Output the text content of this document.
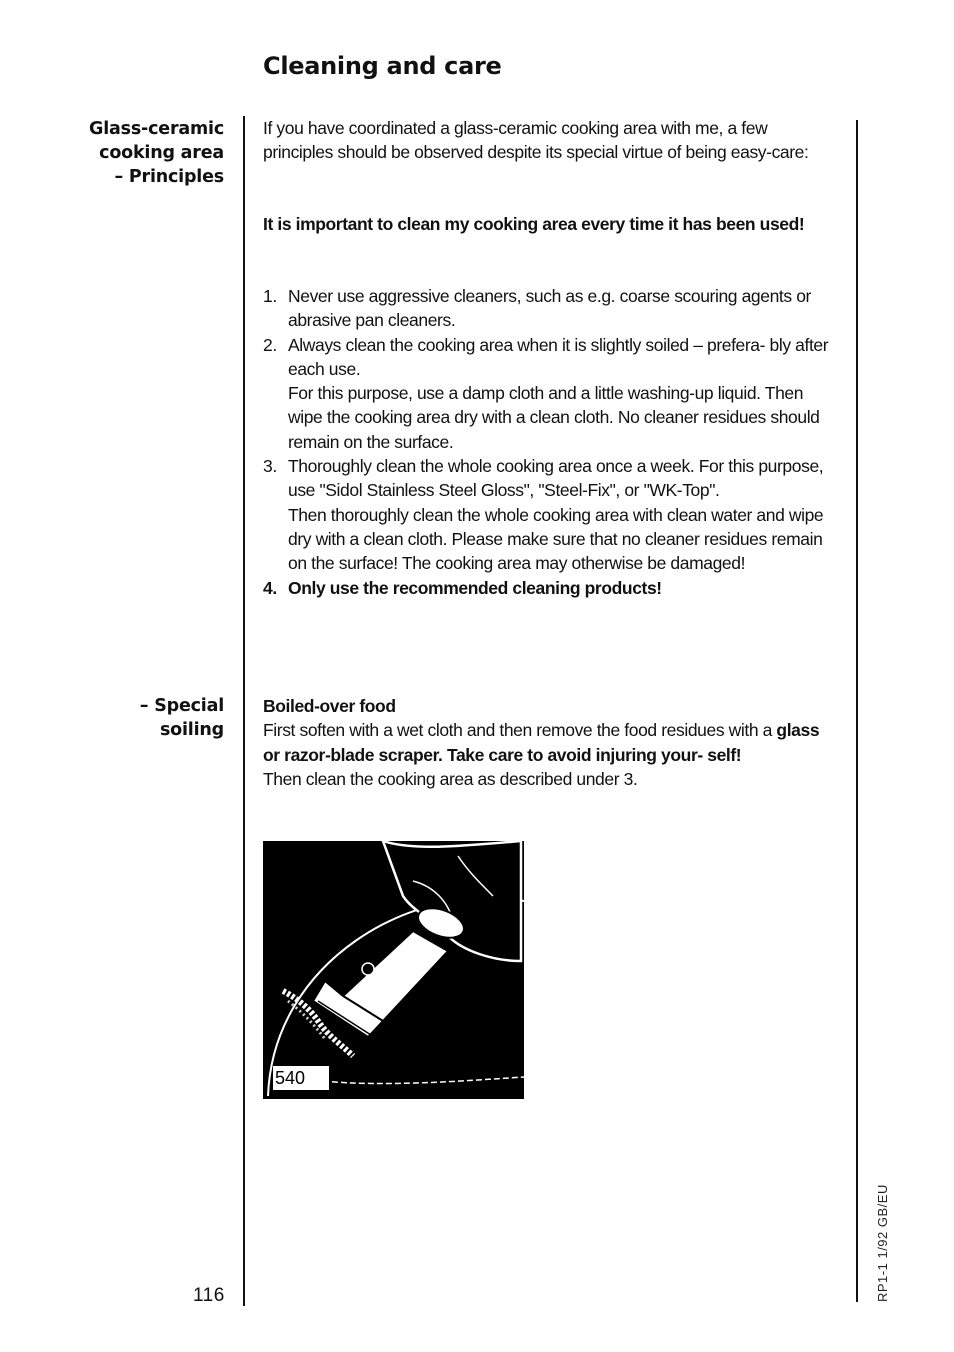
Cleaning and care
Glass-ceramic
cooking area
– Principles
– Special
soiling
If you have coordinated a glass-ceramic cooking area with me, a few principles should be observed despite its special virtue of being easy-care:
It is important to clean my cooking area every time it has been used!
1. Never use aggressive cleaners, such as e.g. coarse scouring agents or abrasive pan cleaners.
2. Always clean the cooking area when it is slightly soiled – prefera- bly after each use.
For this purpose, use a damp cloth and a little washing-up liquid. Then wipe the cooking area dry with a clean cloth. No cleaner residues should remain on the surface.
3. Thoroughly clean the whole cooking area once a week. For this purpose, use "Sidol Stainless Steel Gloss", "Steel-Fix", or "WK-Top".
Then thoroughly clean the whole cooking area with clean water and wipe dry with a clean cloth. Please make sure that no cleaner residues remain on the surface! The cooking area may otherwise be damaged!
4. Only use the recommended cleaning products!
Boiled-over food
First soften with a wet cloth and then remove the food residues with a glass or razor-blade scraper. Take care to avoid injuring your- self!
Then clean the cooking area as described under 3.
540
116	RP1-1 1/92 GB/EU
